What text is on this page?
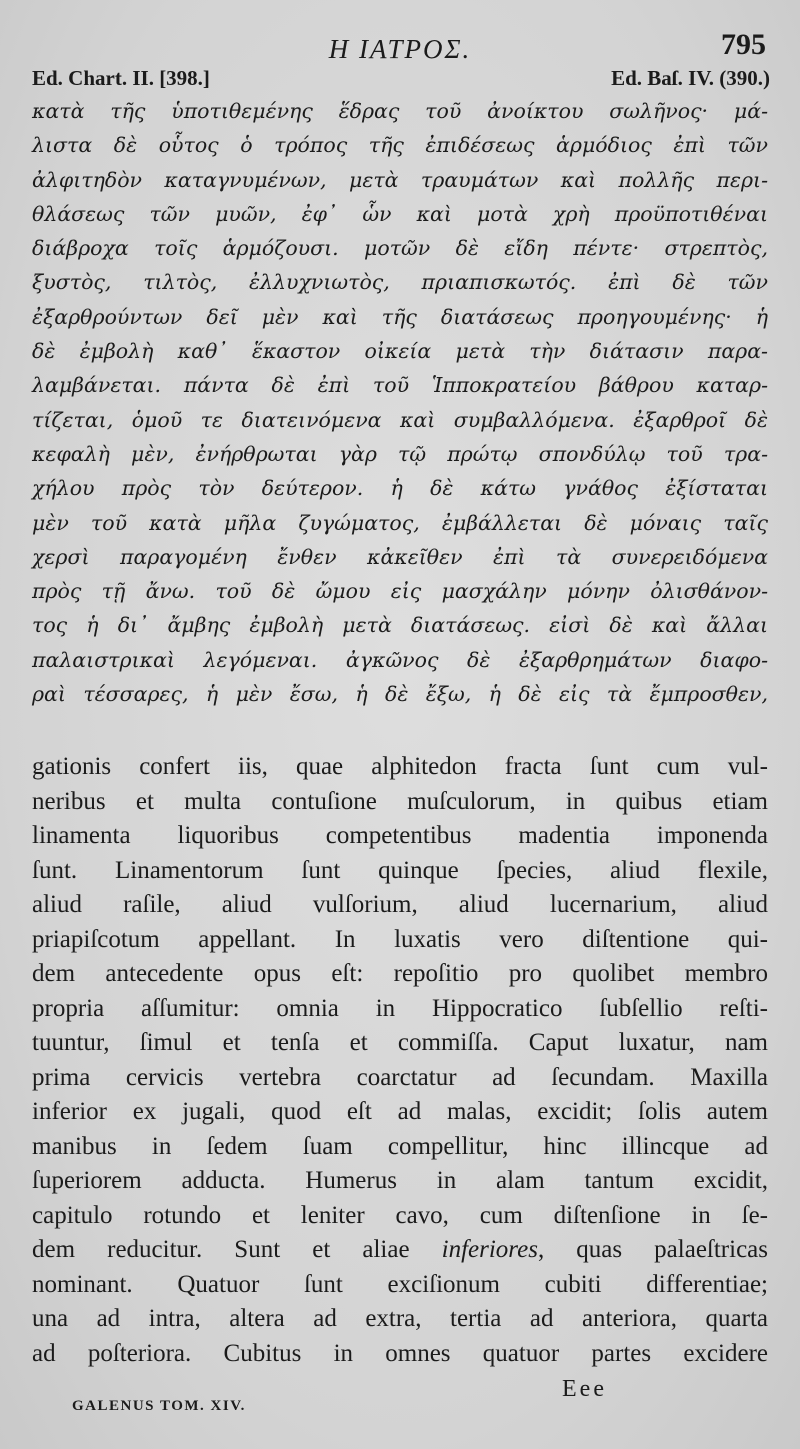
Η ΙΑΤΡΟΣ.	795
Ed. Chart. II. [398.]	Ed. Baſ. IV. (390.)
κατὰ τῆς ὑποτιθεμένης ἕδρας τοῦ ἀνοίκτου σωλῆνος· μά-
λιστα δὲ οὗτος ὁ τρόπος τῆς ἐπιδέσεως ἁρμόδιος ἐπὶ τῶν
ἀλφιτηδὸν καταγνυμένων, μετὰ τραυμάτων καὶ πολλῆς περι-
θλάσεως τῶν μυῶν, ἐφ᾽ ὧν καὶ μοτὰ χρὴ προϋποτιθέναι
διάβροχα τοῖς ἁρμόζουσι. μοτῶν δὲ εἴδη πέντε· στρεπτὸς,
ξυστὸς, τιλτὸς, ἐλλυχνιωτὸς, πριαπισκωτός. ἐπὶ δὲ τῶν
ἐξαρθρούντων δεῖ μὲν καὶ τῆς διατάσεως προηγουμένης· ἡ
δὲ ἐμβολὴ καθ᾽ ἕκαστον οἰκεία μετὰ τὴν διάτασιν παρα-
λαμβάνεται. πάντα δὲ ἐπὶ τοῦ Ἱπποκρατείου βάθρου καταρ-
τίζεται, ὁμοῦ τε διατεινόμενα καὶ συμβαλλόμενα. ἐξαρθροῖ δὲ
κεφαλὴ μὲν, ἐνήρθρωται γὰρ τῷ πρώτῳ σπονδύλῳ τοῦ τρα-
χήλου πρὸς τὸν δεύτερον. ἡ δὲ κάτω γνάθος ἐξίσταται
μὲν τοῦ κατὰ μῆλα ζυγώματος, ἐμβάλλεται δὲ μόναις ταῖς
χερσὶ παραγομένη ἔνθεν κἀκεῖθεν ἐπὶ τὰ συνερειδόμενα
πρὸς τῇ ἄνω. τοῦ δὲ ὤμου εἰς μασχάλην μόνην ὀλισθάνον-
τος ἡ δι᾽ ἄμβης ἐμβολὴ μετὰ διατάσεως. εἰσὶ δὲ καὶ ἄλλαι
παλαιστρικαὶ λεγόμεναι. ἀγκῶνος δὲ ἐξαρθρημάτων διαφο-
ραὶ τέσσαρες, ἡ μὲν ἔσω, ἡ δὲ ἔξω, ἡ δὲ εἰς τὰ ἔμπροσθεν,
gationis confert iis, quae alphitedon fracta ſunt cum vul-
neribus et multa contuſione muſculorum, in quibus etiam
linamenta liquoribus competentibus madentia imponenda
ſunt. Linamentorum ſunt quinque ſpecies, aliud flexile,
aliud raſile, aliud vulſorium, aliud lucernarium, aliud
priapiſcotum appellant. In luxatis vero diſtentione qui-
dem antecedente opus eſt: repoſitio pro quolibet membro
propria aſſumitur: omnia in Hippocratico ſubſellio reſti-
tuuntur, ſimul et tenſa et commiſſa. Caput luxatur, nam
prima cervicis vertebra coarctatur ad ſecundam. Maxilla
inferior ex jugali, quod eſt ad malas, excidit; ſolis autem
manibus in ſedem ſuam compellitur, hinc illincque ad
ſuperiorem adducta. Humerus in alam tantum excidit,
capitulo rotundo et leniter cavo, cum diſtenſione in ſe-
dem reducitur. Sunt et aliae inferiores, quas palaeſtricas
nominant. Quatuor ſunt exciſionum cubiti differentiae;
una ad intra, altera ad extra, tertia ad anteriora, quarta
ad poſteriora. Cubitus in omnes quatuor partes excidere
GALENUS TOM. XIV.
Eee
